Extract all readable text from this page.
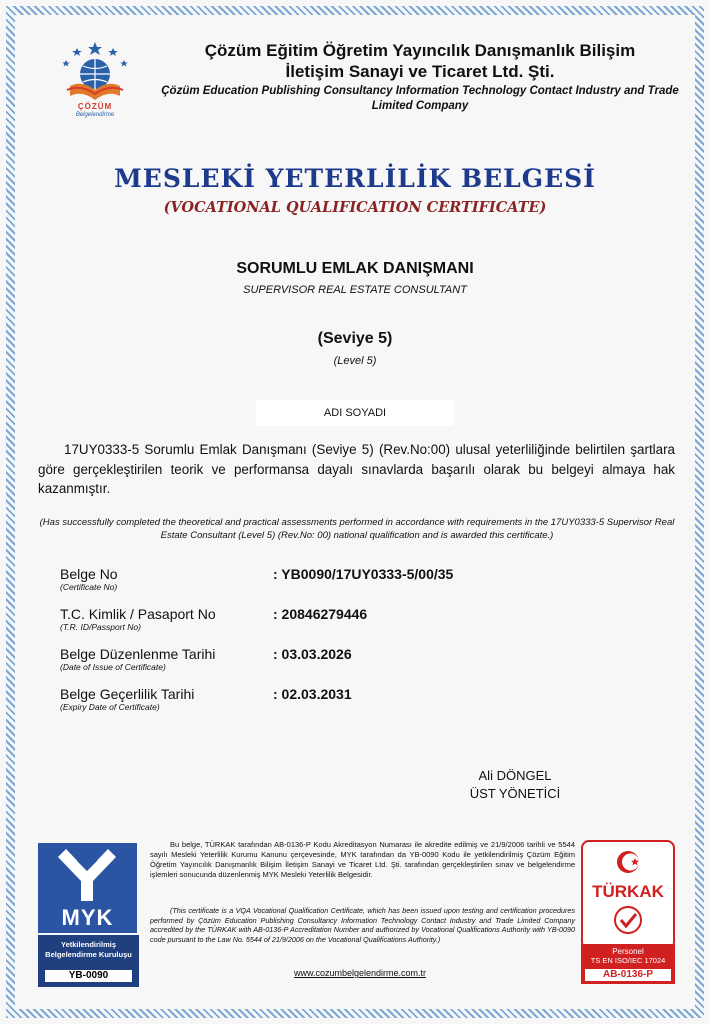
ÇÖZÜM
Belgelendirme
Çözüm Eğitim Öğretim Yayıncılık Danışmanlık Bilişim
İletişim Sanayi ve Ticaret Ltd. Şti.
Çözüm Education Publishing Consultancy Information Technology Contact Industry and Trade Limited Company
MESLEKİ YETERLİLİK BELGESİ
(VOCATIONAL QUALIFICATION CERTIFICATE)
SORUMLU EMLAK DANIŞMANI
SUPERVISOR REAL ESTATE CONSULTANT
(Seviye 5)
(Level 5)
ADI SOYADI

17UY0333-5 Sorumlu Emlak Danışmanı (Seviye 5) (Rev.No:00) ulusal yeterliliğinde belirtilen şartlara göre gerçekleştirilen teorik ve performansa dayalı sınavlarda başarılı olarak bu belgeyi almaya hak kazanmıştır.

(Has successfully completed the theoretical and practical assessments performed in accordance with requirements in the 17UY0333-5 Supervisor Real Estate Consultant (Level 5) (Rev.No: 00) national qualification and is awarded this certificate.)
Belge No
(Certificate No)
: YB0090/17UY0333-5/00/35
T.C. Kimlik / Pasaport No
(T.R. ID/Passport No)
: 20846279446
Belge Düzenlenme Tarihi
(Date of Issue of Certificate)
: 03.03.2026
Belge Geçerlilik Tarihi
(Expiry Date of Certificate)
: 02.03.2031
Ali DÖNGEL
ÜST YÖNETİCİ
MYK
Yetkilendirilmiş
Belgelendirme Kuruluşu
YB-0090

Bu belge, TÜRKAK tarafından AB-0136-P Kodu Akreditasyon Numarası ile akredite edilmiş ve 21/9/2006 tarihli ve 5544 sayılı Mesleki Yeterlilik Kurumu Kanunu çerçevesinde, MYK tarafından da YB-0090 Kodu ile yetkilendirilmiş Çözüm Eğitim Öğretim Yayıncılık Danışmanlık Bilişim İletişim Sanayi ve Ticaret Ltd. Şti. tarafından gerçekleştirilen sınav ve belgelendirme işlemleri sonucunda düzenlenmiş MYK Mesleki Yeterlilik Belgesidir.

(This certificate is a VQA Vocational Qualification Certificate, which has been issued upon testing and certification procedures performed by Çözüm Education Publishing Consultancy Information Technology Contact Industry and Trade Limited Company accredited by the TÜRKAK with AB-0136-P Accreditation Number and authorized by Vocational Qualifications Authority with YB-0090 code pursuant to the Law No. 5544 of 21/9/2006 on the Vocational Qualifications Authority.)

www.cozumbelgelendirme.com.tr
TÜRKAK
Personel
TS EN ISO/IEC 17024
AB-0136-P
